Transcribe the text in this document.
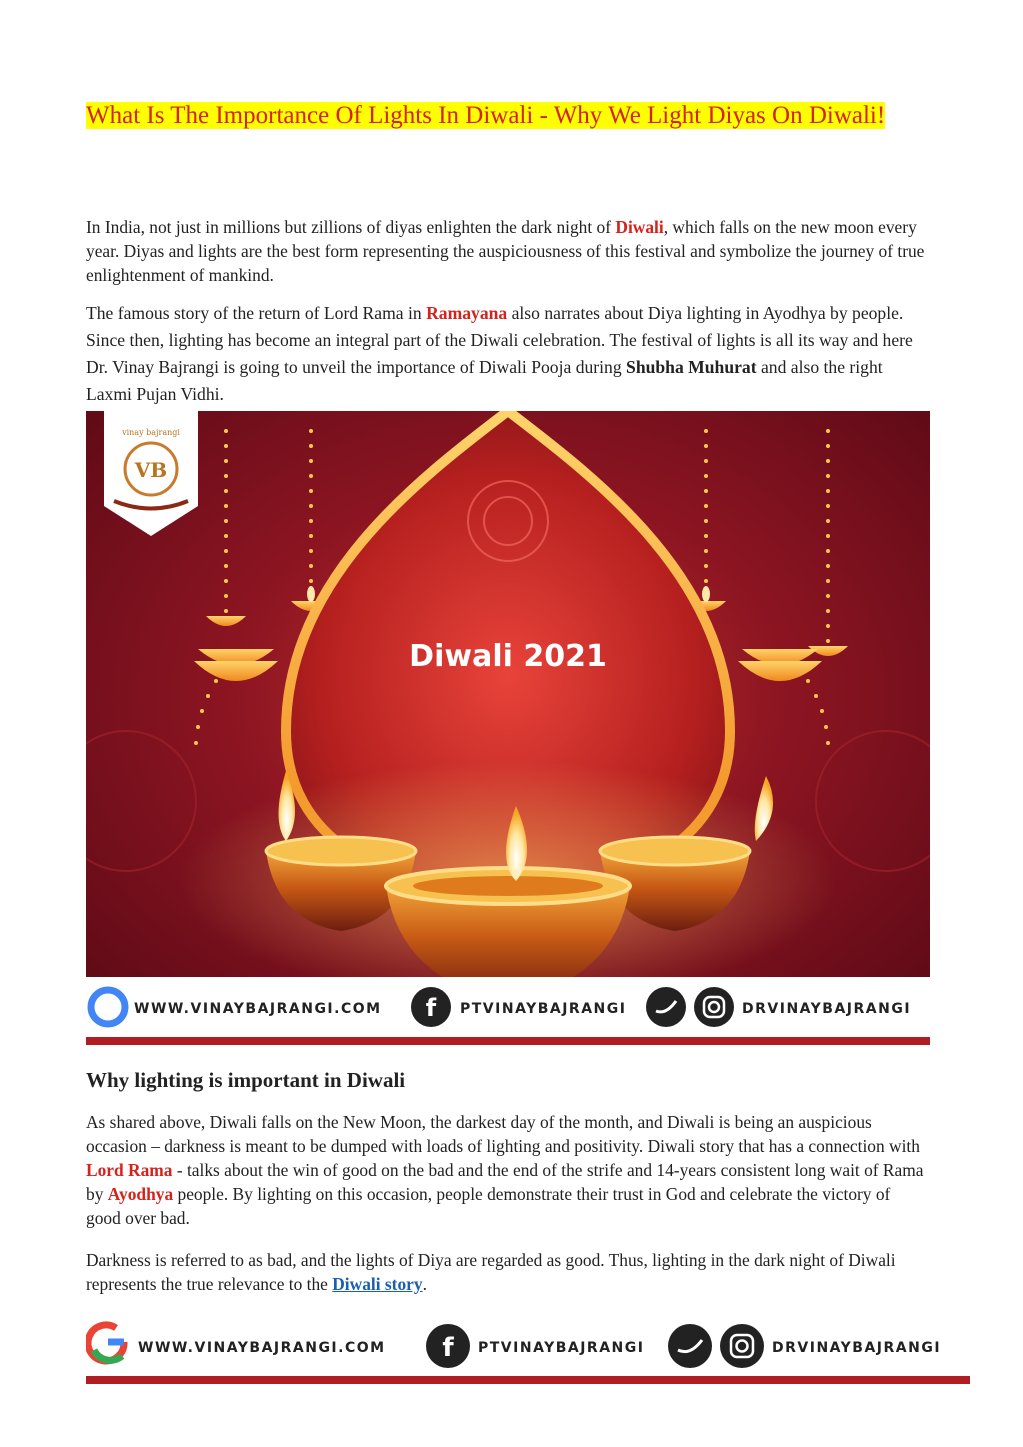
What Is The Importance Of Lights In Diwali - Why We Light Diyas On Diwali!

In India, not just in millions but zillions of diyas enlighten the dark night of Diwali, which falls on the new moon every year. Diyas and lights are the best form representing the auspiciousness of this festival and symbolize the journey of true enlightenment of mankind.

The famous story of the return of Lord Rama in Ramayana also narrates about Diya lighting in Ayodhya by people. Since then, lighting has become an integral part of the Diwali celebration. The festival of lights is all its way and here Dr. Vinay Bajrangi is going to unveil the importance of Diwali Pooja during Shubha Muhurat and also the right Laxmi Pujan Vidhi.

Diwali 2021
VB
vinay bajrangi
WWW.VINAYBAJRANGI.COM f PTVINAYBAJRANGI	DRVINAYBAJRANGI
Why lighting is important in Diwali

As shared above, Diwali falls on the New Moon, the darkest day of the month, and Diwali is being an auspicious occasion – darkness is meant to be dumped with loads of lighting and positivity. Diwali story that has a connection with Lord Rama - talks about the win of good on the bad and the end of the strife and 14-years consistent long wait of Rama by Ayodhya people. By lighting on this occasion, people demonstrate their trust in God and celebrate the victory of good over bad.

Darkness is referred to as bad, and the lights of Diya are regarded as good. Thus, lighting in the dark night of Diwali represents the true relevance to the Diwali story.

WWW.VINAYBAJRANGI.COM f PTVINAYBAJRANGI	DRVINAYBAJRANGI
